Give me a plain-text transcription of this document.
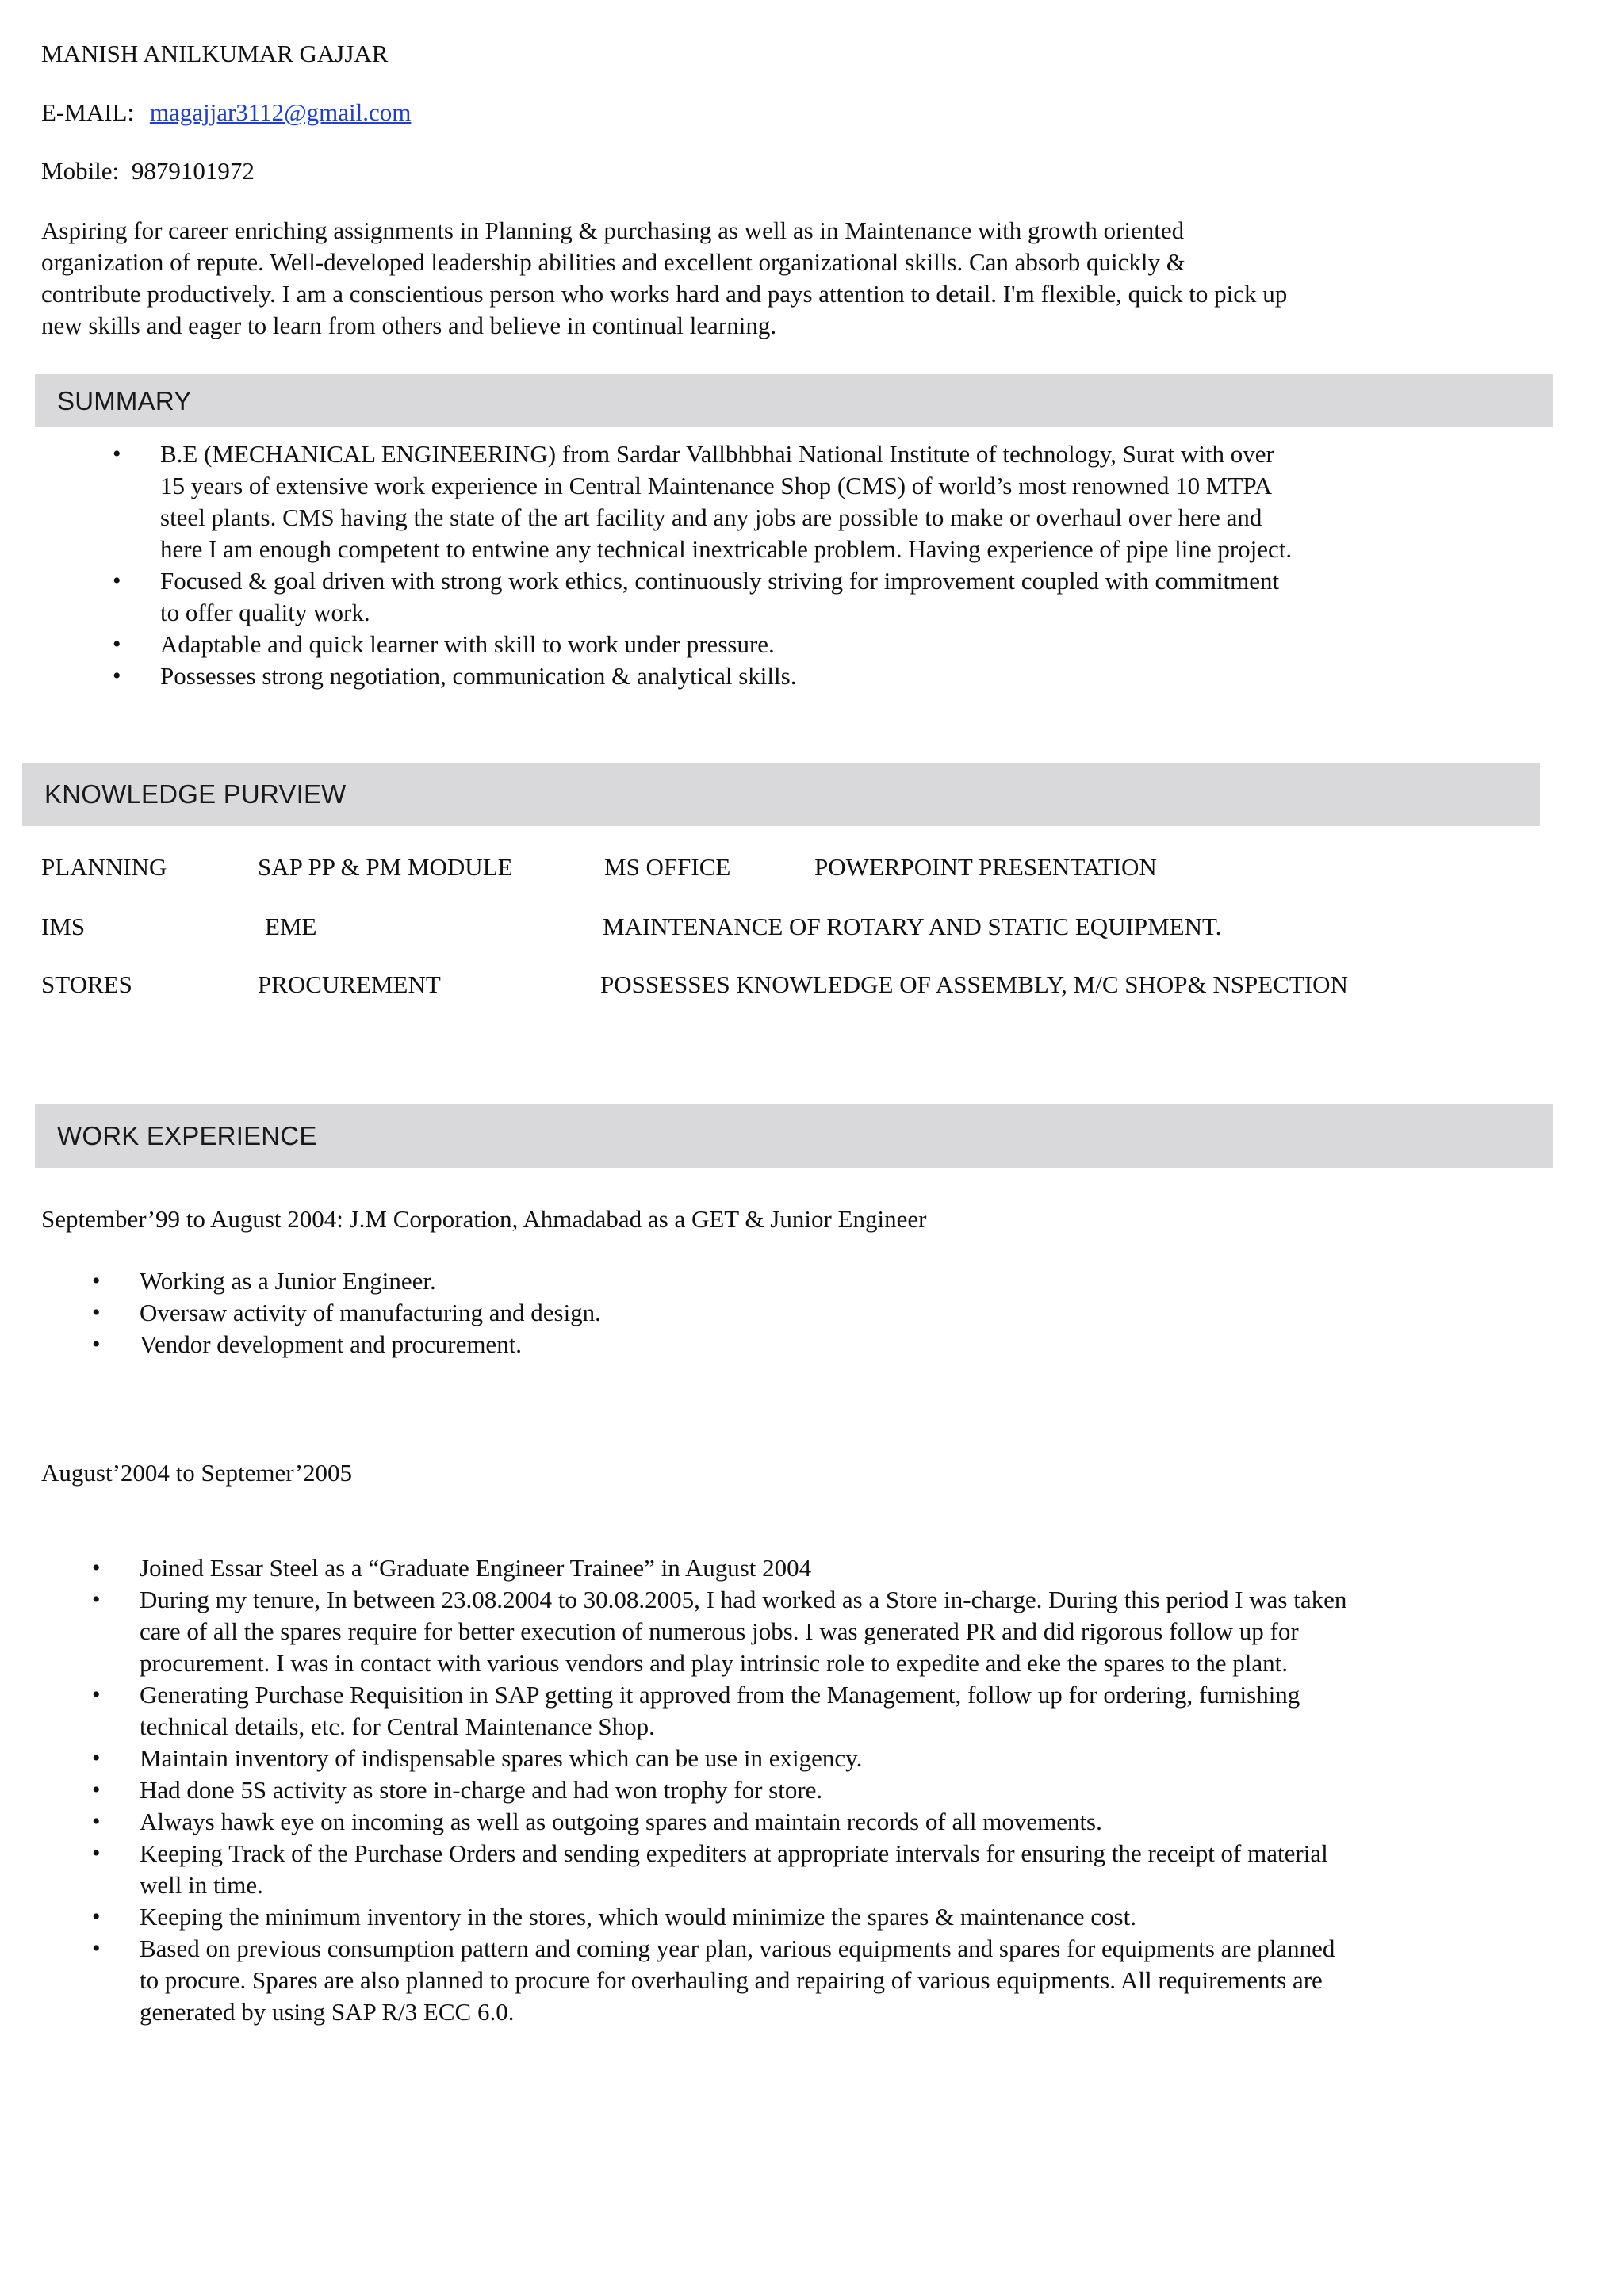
MANISH ANILKUMAR GAJJAR

E-MAIL: magajjar3112@gmail.com

Mobile: 9879101972

Aspiring for career enriching assignments in Planning & purchasing as well as in Maintenance with growth oriented
organization of repute. Well-developed leadership abilities and excellent organizational skills. Can absorb quickly &
contribute productively. I am a conscientious person who works hard and pays attention to detail. I'm flexible, quick to pick up
new skills and eager to learn from others and believe in continual learning.
SUMMARY
• B.E (MECHANICAL ENGINEERING) from Sardar Vallbhbhai National Institute of technology, Surat with over
15 years of extensive work experience in Central Maintenance Shop (CMS) of world’s most renowned 10 MTPA
steel plants. CMS having the state of the art facility and any jobs are possible to make or overhaul over here and
here I am enough competent to entwine any technical inextricable problem. Having experience of pipe line project.
• Focused & goal driven with strong work ethics, continuously striving for improvement coupled with commitment
to offer quality work.
• Adaptable and quick learner with skill to work under pressure.
• Possesses strong negotiation, communication & analytical skills.
KNOWLEDGE PURVIEW
PLANNING	SAP PP & PM MODULE	MS OFFICE	POWERPOINT PRESENTATION
IMS	EME	MAINTENANCE OF ROTARY AND STATIC EQUIPMENT.
STORES	PROCUREMENT	POSSESSES KNOWLEDGE OF ASSEMBLY, M/C SHOP& NSPECTION
WORK EXPERIENCE

September’99 to August 2004: J.M Corporation, Ahmadabad as a GET & Junior Engineer

• Working as a Junior Engineer.
• Oversaw activity of manufacturing and design.
• Vendor development and procurement.

August’2004 to Septemer’2005

• Joined Essar Steel as a “Graduate Engineer Trainee” in August 2004
• During my tenure, In between 23.08.2004 to 30.08.2005, I had worked as a Store in-charge. During this period I was taken
care of all the spares require for better execution of numerous jobs. I was generated PR and did rigorous follow up for
procurement. I was in contact with various vendors and play intrinsic role to expedite and eke the spares to the plant.
• Generating Purchase Requisition in SAP getting it approved from the Management, follow up for ordering, furnishing
technical details, etc. for Central Maintenance Shop.
• Maintain inventory of indispensable spares which can be use in exigency.
• Had done 5S activity as store in-charge and had won trophy for store.
• Always hawk eye on incoming as well as outgoing spares and maintain records of all movements.
• Keeping Track of the Purchase Orders and sending expediters at appropriate intervals for ensuring the receipt of material
well in time.
• Keeping the minimum inventory in the stores, which would minimize the spares & maintenance cost.
• Based on previous consumption pattern and coming year plan, various equipments and spares for equipments are planned
to procure. Spares are also planned to procure for overhauling and repairing of various equipments. All requirements are
generated by using SAP R/3 ECC 6.0.
